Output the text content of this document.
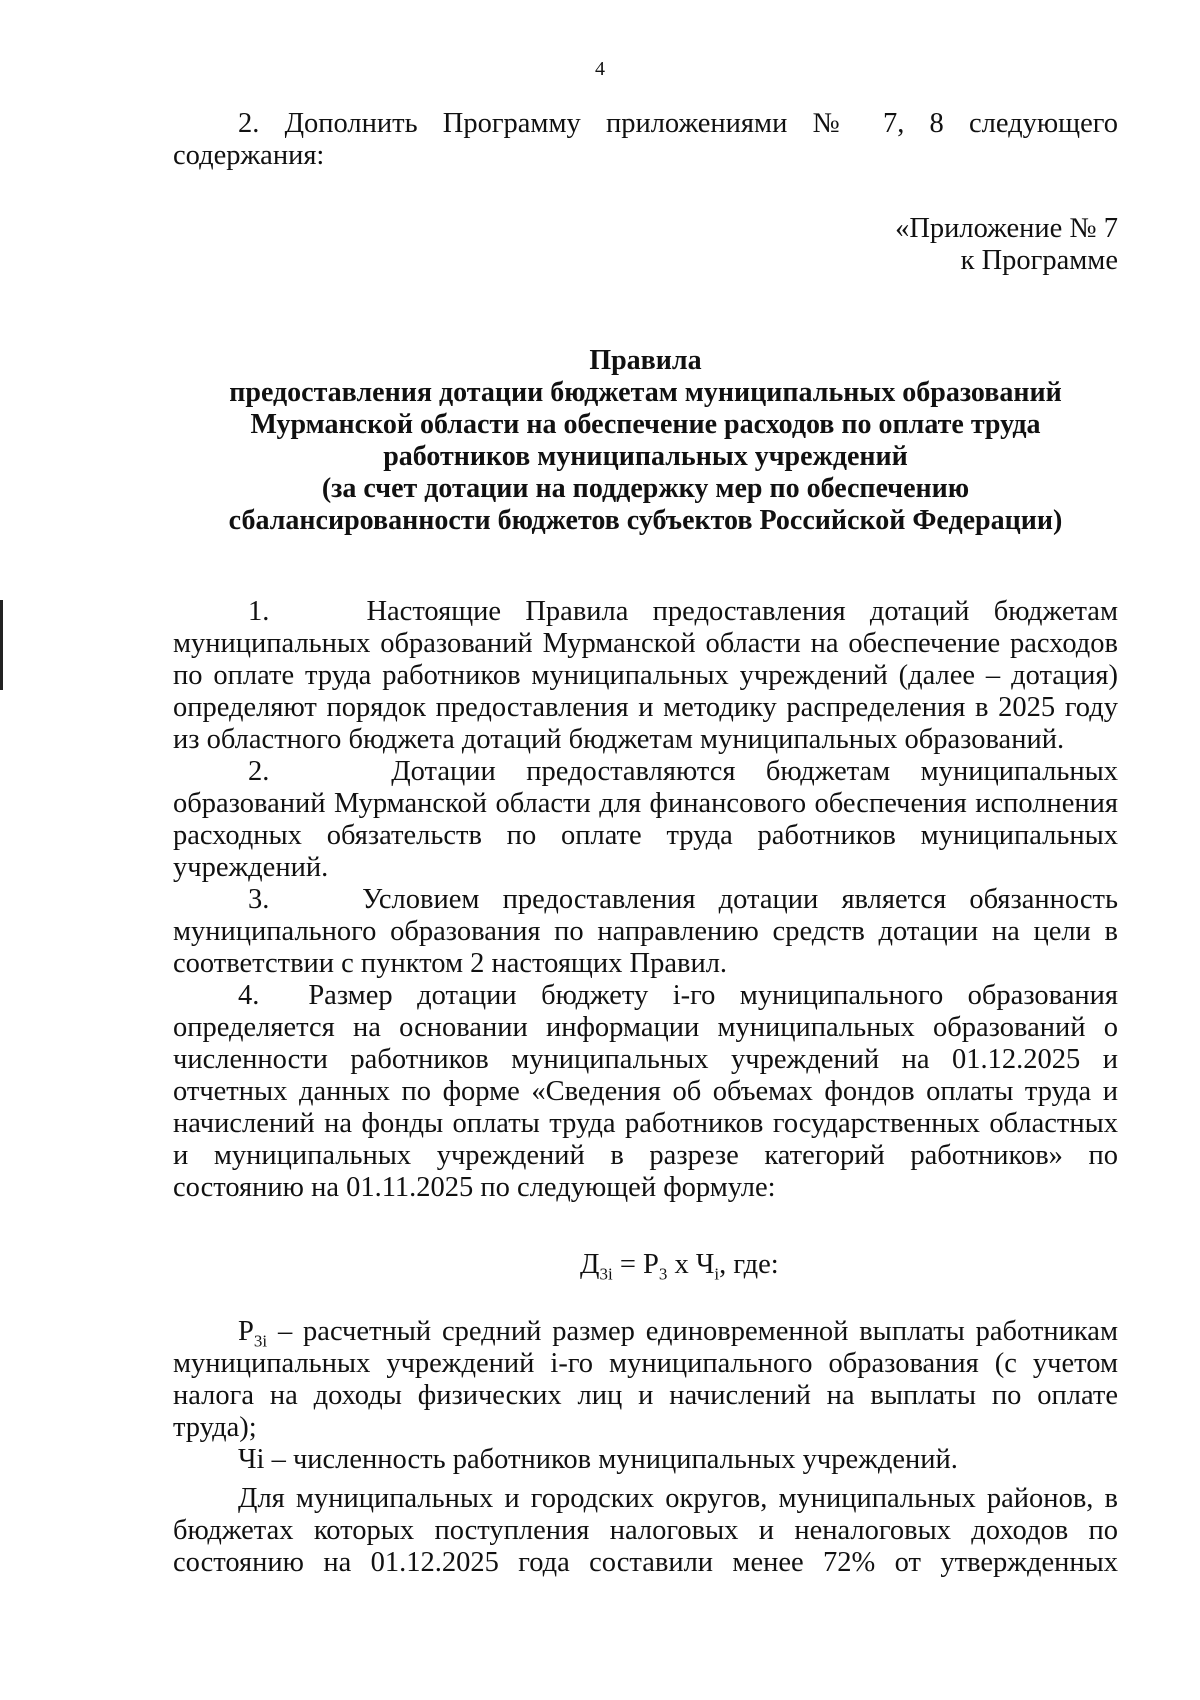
4
2. Дополнить Программу приложениями № 7, 8 следующего
содержания:
«Приложение № 7
к Программе
Правила
предоставления дотации бюджетам муниципальных образований
Мурманской области на обеспечение расходов по оплате труда
работников муниципальных учреждений
(за счет дотации на поддержку мер по обеспечению
сбалансированности бюджетов субъектов Российской Федерации)
1.	Настоящие Правила предоставления дотаций бюджетам
муниципальных образований Мурманской области на обеспечение расходов
по оплате труда работников муниципальных учреждений (далее – дотация)
определяют порядок предоставления и методику распределения в 2025 году
из областного бюджета дотаций бюджетам муниципальных образований.
2.	Дотации предоставляются бюджетам муниципальных
образований Мурманской области для финансового обеспечения исполнения
расходных обязательств по оплате труда работников муниципальных
учреждений.
3.	Условием предоставления дотации является обязанность
муниципального образования по направлению средств дотации на цели в
соответствии с пунктом 2 настоящих Правил.
4. Размер дотации бюджету i-го муниципального образования
определяется на основании информации муниципальных образований о
численности работников муниципальных учреждений на 01.12.2025 и
отчетных данных по форме «Сведения об объемах фондов оплаты труда и
начислений на фонды оплаты труда работников государственных областных
и муниципальных учреждений в разрезе категорий работников» по
состоянию на 01.11.2025 по следующей формуле:
$Д_{3i} = Р_3$ х $Ч_i$, где:
$Р_{3i}$ – расчетный средний размер единовременной выплаты работникам
муниципальных учреждений i-го муниципального образования (с учетом
налога на доходы физических лиц и начислений на выплаты по оплате
труда);
Чi – численность работников муниципальных учреждений.
Для муниципальных и городских округов, муниципальных районов, в
бюджетах которых поступления налоговых и неналоговых доходов по
состоянию на 01.12.2025 года составили менее 72% от утвержденных
